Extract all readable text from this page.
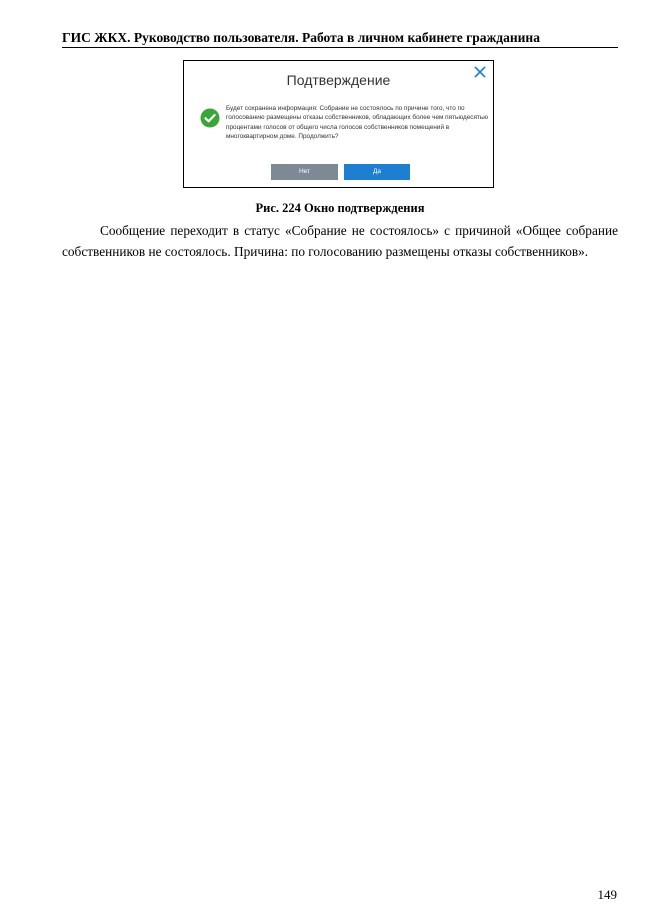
ГИС ЖКХ. Руководство пользователя. Работа в личном кабинете гражданина
Подтверждение
Будет сохранена информация: Собрание не состоялось по причине того, что по голосованию размещены отказы собственников, обладающих более чем пятьюдесятью процентами голосов от общего числа голосов собственников помещений в многоквартирном доме. Продолжить?
Нет	Да
Рис. 224 Окно подтверждения
Сообщение переходит в статус «Собрание не состоялось» с причиной «Общее собрание собственников не состоялось. Причина: по голосованию размещены отказы собственников».
149
